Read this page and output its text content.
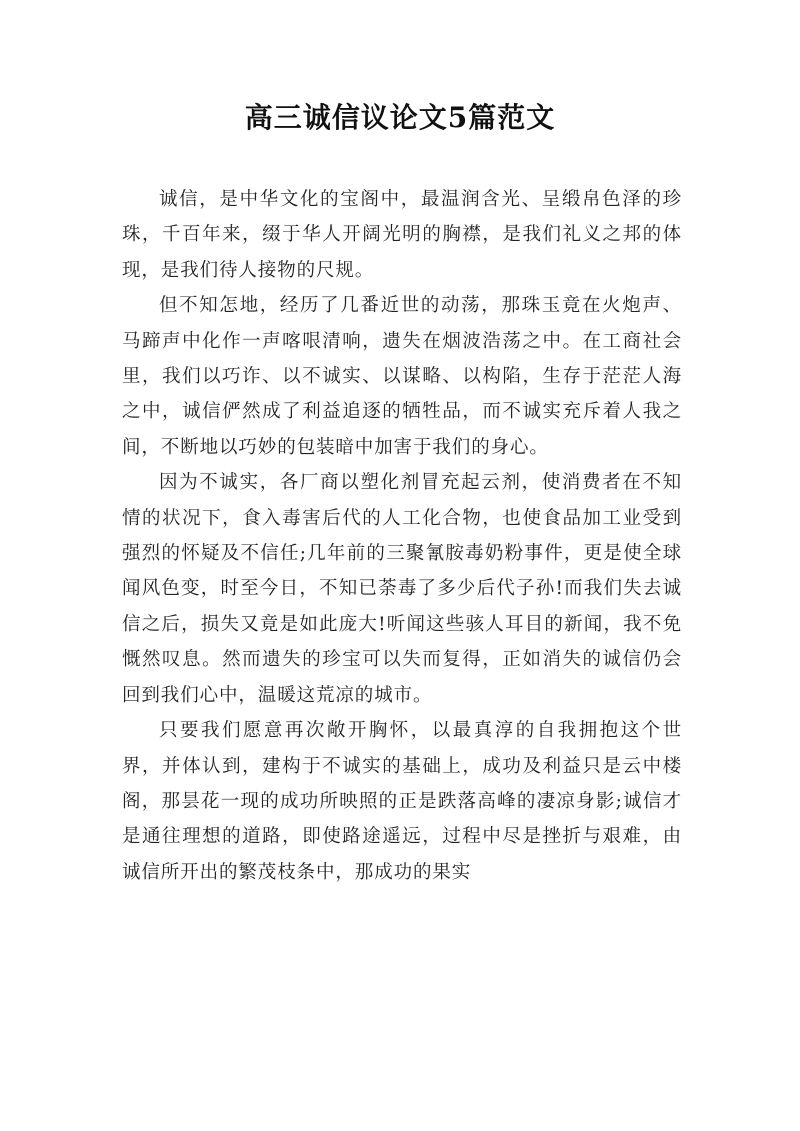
高三诚信议论文5篇范文

诚信，是中华文化的宝阁中，最温润含光、呈缎帛色泽的珍珠，千百年来，缀于华人开阔光明的胸襟，是我们礼义之邦的体现，是我们待人接物的尺规。

但不知怎地，经历了几番近世的动荡，那珠玉竟在火炮声、马蹄声中化作一声喀哏清响，遗失在烟波浩荡之中。在工商社会里，我们以巧诈、以不诚实、以谋略、以构陷，生存于茫茫人海之中，诚信俨然成了利益追逐的牺牲品，而不诚实充斥着人我之间，不断地以巧妙的包装暗中加害于我们的身心。

因为不诚实，各厂商以塑化剂冒充起云剂，使消费者在不知情的状况下，食入毒害后代的人工化合物，也使食品加工业受到强烈的怀疑及不信任;几年前的三聚氰胺毒奶粉事件，更是使全球闻风色变，时至今日，不知已荼毒了多少后代子孙!而我们失去诚信之后，损失又竟是如此庞大!听闻这些骇人耳目的新闻，我不免慨然叹息。然而遗失的珍宝可以失而复得，正如消失的诚信仍会回到我们心中，温暖这荒凉的城市。

只要我们愿意再次敞开胸怀，以最真淳的自我拥抱这个世界，并体认到，建构于不诚实的基础上，成功及利益只是云中楼阁，那昙花一现的成功所映照的正是跌落高峰的凄凉身影;诚信才是通往理想的道路，即使路途遥远，过程中尽是挫折与艰难，由诚信所开出的繁茂枝条中，那成功的果实
